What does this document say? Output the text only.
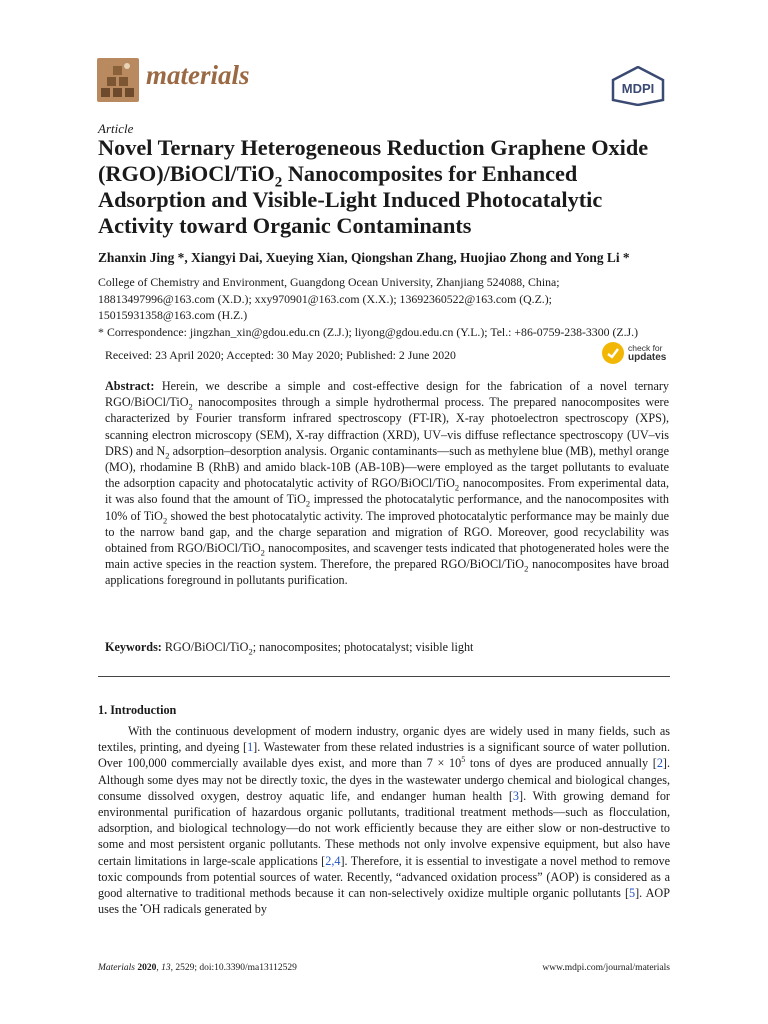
materials	MDPI
Article
Novel Ternary Heterogeneous Reduction Graphene Oxide (RGO)/BiOCl/TiO$_2$ Nanocomposites for Enhanced Adsorption and Visible-Light Induced Photocatalytic Activity toward Organic Contaminants
Zhanxin Jing *, Xiangyi Dai, Xueying Xian, Qiongshan Zhang, Huojiao Zhong and Yong Li *
College of Chemistry and Environment, Guangdong Ocean University, Zhanjiang 524088, China;
18813497996@163.com (X.D.); xxy970901@163.com (X.X.); 13692360522@163.com (Q.Z.);
15015931358@163.com (H.Z.)
* Correspondence: jingzhan_xin@gdou.edu.cn (Z.J.); liyong@gdou.edu.cn (Y.L.); Tel.: +86-0759-238-3300 (Z.J.)
Received: 23 April 2020; Accepted: 30 May 2020; Published: 2 June 2020	check for
updates
Abstract: Herein, we describe a simple and cost-effective design for the fabrication of a novel ternary RGO/BiOCl/TiO$_2$ nanocomposites through a simple hydrothermal process. The prepared nanocomposites were characterized by Fourier transform infrared spectroscopy (FT-IR), X-ray photoelectron spectroscopy (XPS), scanning electron microscopy (SEM), X-ray diffraction (XRD), UV–vis diffuse reflectance spectroscopy (UV–vis DRS) and $N_2$ adsorption–desorption analysis. Organic contaminants—such as methylene blue (MB), methyl orange (MO), rhodamine B (RhB) and amido black-10B (AB-10B)—were employed as the target pollutants to evaluate the adsorption capacity and photocatalytic activity of RGO/BiOCl/TiO$_2$ nanocomposites. From experimental data, it was also found that the amount of TiO$_2$ impressed the photocatalytic performance, and the nanocomposites with 10% of TiO$_2$ showed the best photocatalytic activity. The improved photocatalytic performance may be mainly due to the narrow band gap, and the charge separation and migration of RGO. Moreover, good recyclability was obtained from RGO/BiOCl/TiO$_2$ nanocomposites, and scavenger tests indicated that photogenerated holes were the main active species in the reaction system. Therefore, the prepared RGO/BiOCl/TiO$_2$ nanocomposites have broad applications foreground in pollutants purification.
Keywords: RGO/BiOCl/TiO$_2$; nanocomposites; photocatalyst; visible light
1. Introduction

With the continuous development of modern industry, organic dyes are widely used in many fields, such as textiles, printing, and dyeing [1]. Wastewater from these related industries is a significant source of water pollution. Over 100,000 commercially available dyes exist, and more than $7 \times 10^5$ tons of dyes are produced annually [2]. Although some dyes may not be directly toxic, the dyes in the wastewater undergo chemical and biological changes, consume dissolved oxygen, destroy aquatic life, and endanger human health [3]. With growing demand for environmental purification of hazardous organic pollutants, traditional treatment methods—such as flocculation, adsorption, and biological technology—do not work efficiently because they are either slow or non-destructive to some and most persistent organic pollutants. These methods not only involve expensive equipment, but also have certain limitations in large-scale applications [2,4]. Therefore, it is essential to investigate a novel method to remove toxic compounds from potential sources of water. Recently, “advanced oxidation process” (AOP) is considered as a good alternative to traditional methods because it can non-selectively oxidize multiple organic pollutants [5]. AOP uses the •OH radicals generated by

Materials 2020, 13, 2529; doi:10.3390/ma13112529	www.mdpi.com/journal/materials
